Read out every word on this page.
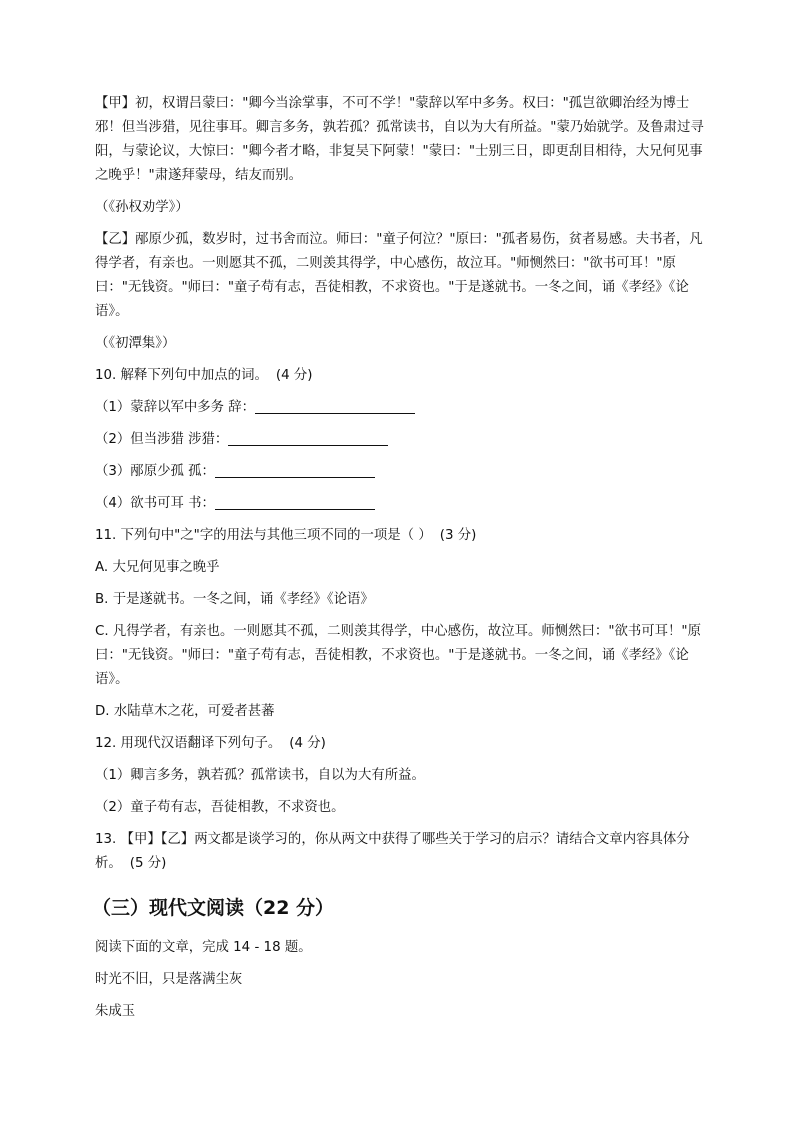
【甲】初，权谓吕蒙曰："卿今当涂掌事，不可不学！"蒙辞以军中多务。权曰："孤岂欲卿治经为博士邪！但当涉猎，见往事耳。卿言多务，孰若孤？孤常读书，自以为大有所益。"蒙乃始就学。及鲁肃过寻阳，与蒙论议，大惊曰："卿今者才略，非复吴下阿蒙！"蒙曰："士别三日，即更刮目相待，大兄何见事之晚乎！"肃遂拜蒙母，结友而别。

（《孙权劝学》）

【乙】邴原少孤，数岁时，过书舍而泣。师曰："童子何泣？"原曰："孤者易伤，贫者易感。夫书者，凡得学者，有亲也。一则愿其不孤，二则羡其得学，中心感伤，故泣耳。"师恻然曰："欲书可耳！"原曰："无钱资。"师曰："童子苟有志，吾徒相教，不求资也。"于是遂就书。一冬之间，诵《孝经》《论语》。

（《初潭集》）

10. 解释下列句中加点的词。 (4 分)

（1）蒙辞以军中多务 辞：

（2）但当涉猎 涉猎：

（3）邴原少孤 孤：

（4）欲书可耳 书：

11. 下列句中"之"字的用法与其他三项不同的一项是（ ） (3 分)

A. 大兄何见事之晚乎

B. 于是遂就书。一冬之间，诵《孝经》《论语》

C. 凡得学者，有亲也。一则愿其不孤，二则羡其得学，中心感伤，故泣耳。师恻然曰："欲书可耳！"原曰："无钱资。"师曰："童子苟有志，吾徒相教，不求资也。"于是遂就书。一冬之间，诵《孝经》《论语》。

D. 水陆草木之花，可爱者甚蕃

12. 用现代汉语翻译下列句子。 (4 分)

（1）卿言多务，孰若孤？孤常读书，自以为大有所益。

（2）童子苟有志，吾徒相教，不求资也。

13. 【甲】【乙】两文都是谈学习的，你从两文中获得了哪些关于学习的启示？请结合文章内容具体分析。 (5 分)

（三）现代文阅读（22 分）

阅读下面的文章，完成 14 - 18 题。

时光不旧，只是落满尘灰

朱成玉
